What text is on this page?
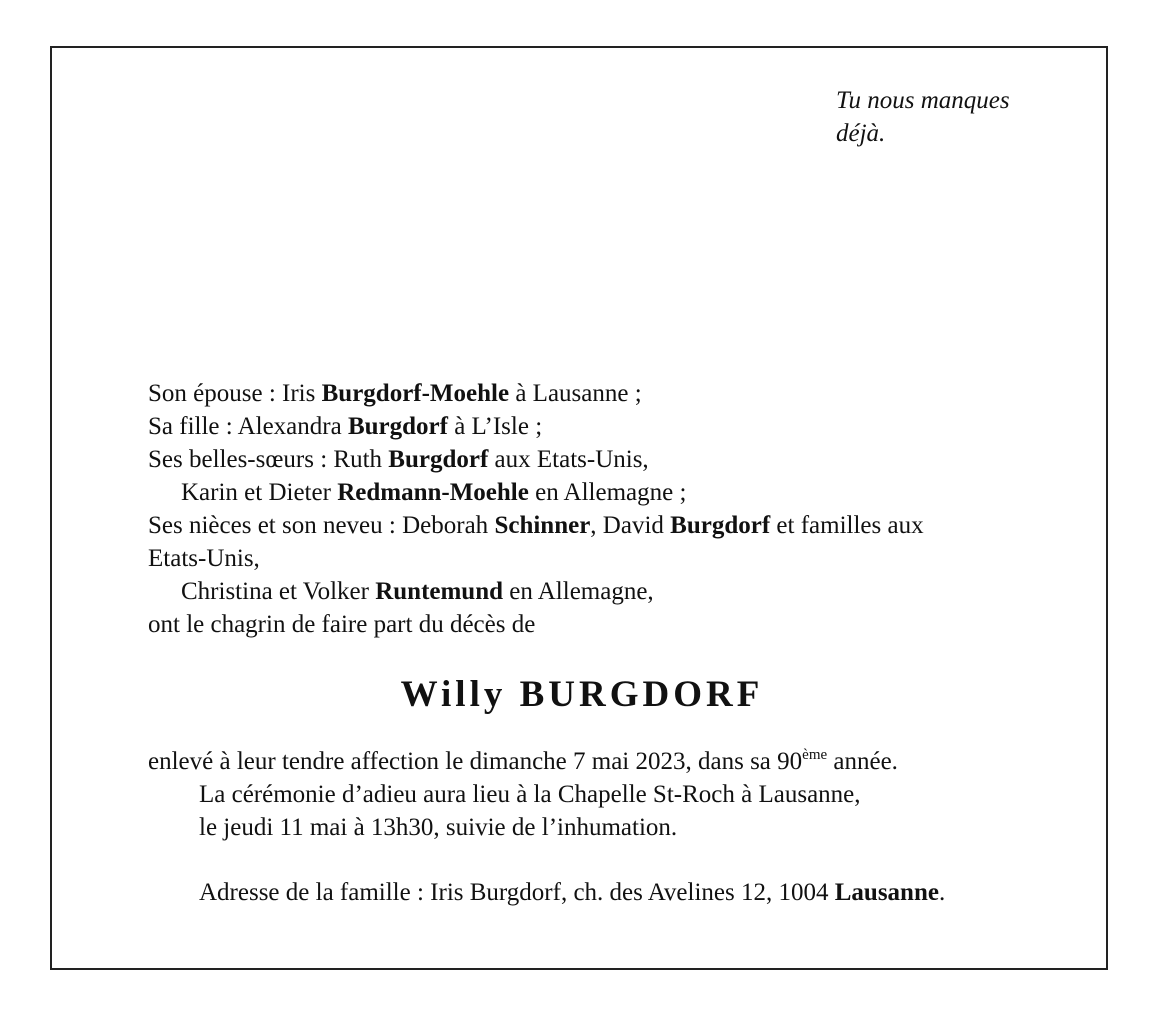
Tu nous manques
déjà.
Son épouse : Iris Burgdorf-Moehle à Lausanne ;
Sa fille : Alexandra Burgdorf à L’Isle ;
Ses belles-sœurs : Ruth Burgdorf aux Etats-Unis,
Karin et Dieter Redmann-Moehle en Allemagne ;
Ses nièces et son neveu : Deborah Schinner, David Burgdorf et familles aux
Etats-Unis,
Christina et Volker Runtemund en Allemagne,
ont le chagrin de faire part du décès de
Willy BURGDORF
enlevé à leur tendre affection le dimanche 7 mai 2023, dans sa 90ème année.
La cérémonie d’adieu aura lieu à la Chapelle St-Roch à Lausanne,
le jeudi 11 mai à 13h30, suivie de l’inhumation.
Adresse de la famille : Iris Burgdorf, ch. des Avelines 12, 1004 Lausanne.
